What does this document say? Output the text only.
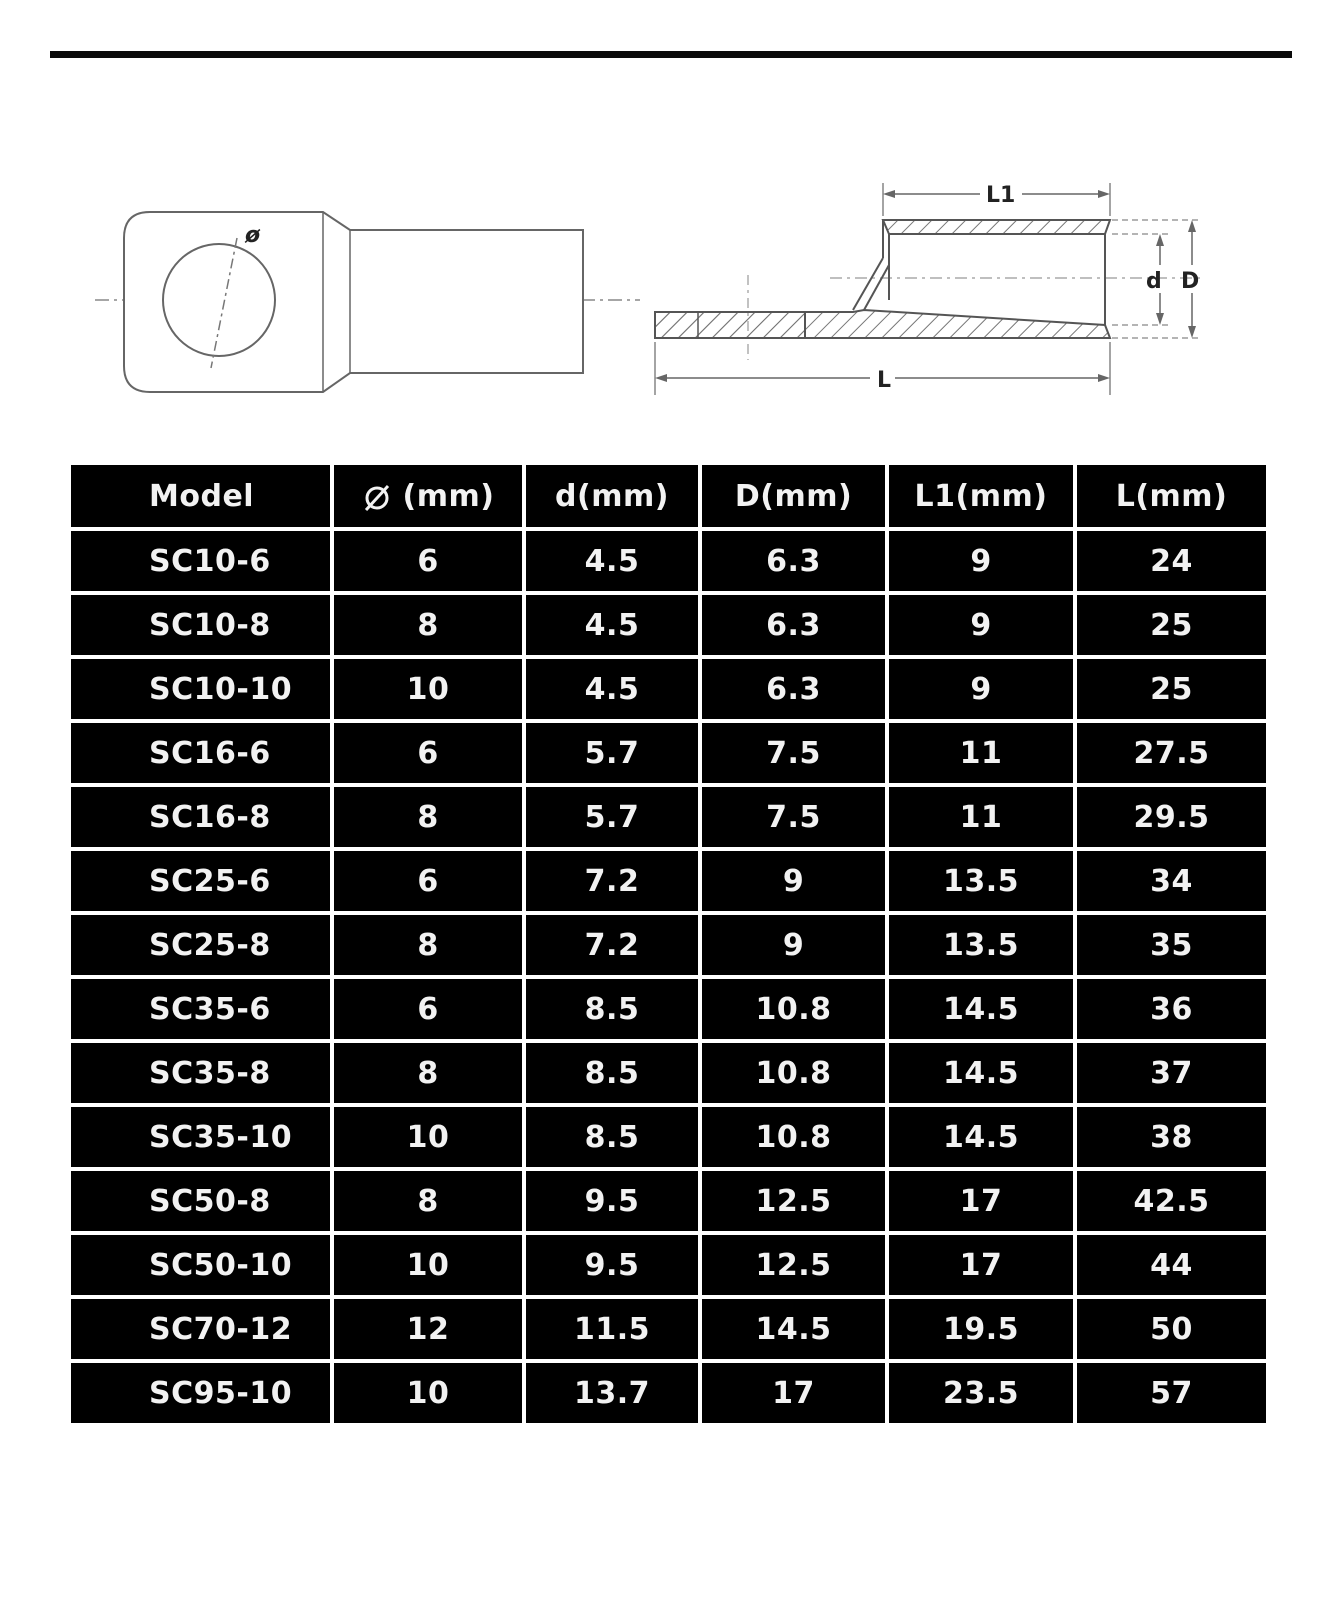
ø
L1
L
d D
Model	(mm)	d(mm)	D(mm)	L1(mm)	L(mm)
SC10-6	6	4.5	6.3	9	24
SC10-8	8	4.5	6.3	9	25
SC10-10	10	4.5	6.3	9	25
SC16-6	6	5.7	7.5	11	27.5
SC16-8	8	5.7	7.5	11	29.5
SC25-6	6	7.2	9	13.5	34
SC25-8	8	7.2	9	13.5	35
SC35-6	6	8.5	10.8	14.5	36
SC35-8	8	8.5	10.8	14.5	37
SC35-10	10	8.5	10.8	14.5	38
SC50-8	8	9.5	12.5	17	42.5
SC50-10	10	9.5	12.5	17	44
SC70-12	12	11.5	14.5	19.5	50
SC95-10	10	13.7	17	23.5	57
